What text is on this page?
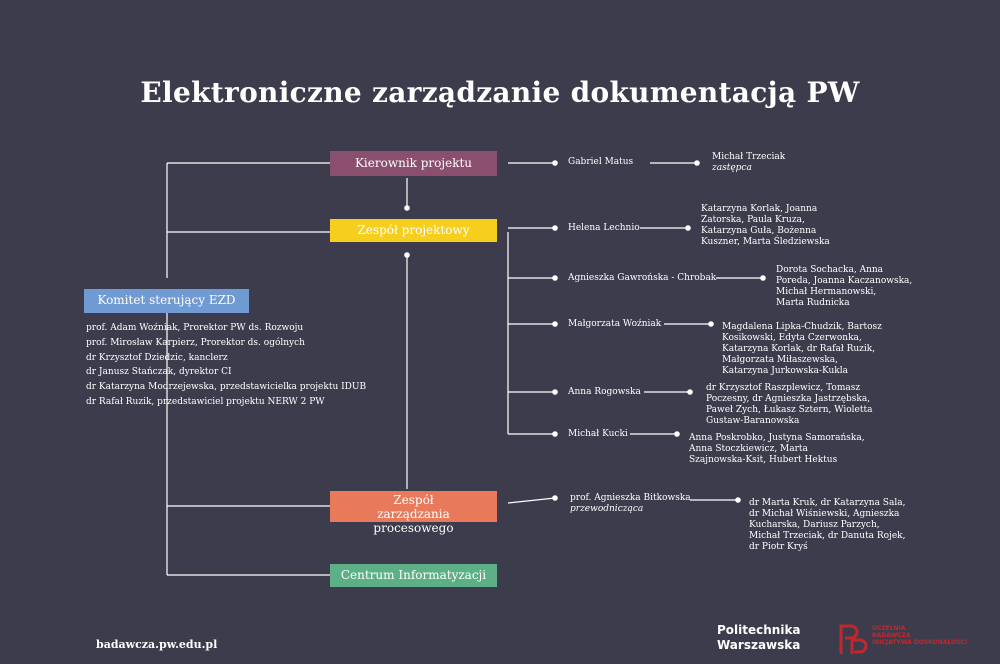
Elektroniczne zarządzanie dokumentacją PW
Kierownik projektu
Zespół projektowy
Komitet sterujący EZD
Zespół zarządzania procesowego
Centrum Informatyzacji
prof. Adam Woźniak, Prorektor PW ds. Rozwoju
prof. Mirosław Karpierz, Prorektor ds. ogólnych
dr Krzysztof Dziedzic, kanclerz
dr Janusz Stańczak, dyrektor CI
dr Katarzyna Modrzejewska, przedstawicielka projektu IDUB
dr Rafał Ruzik, przedstawiciel projektu NERW 2 PW
Gabriel Matus	Michał Trzeciak
zastępca
Helena Lechnio
Agnieszka Gawrońska - Chrobak
Małgorzata Woźniak
Anna Rogowska
Michał Kucki
Katarzyna Korlak, Joanna
Zatorska, Paula Kruza,
Katarzyna Guła, Bożenna
Kuszner, Marta Śledziewska
Dorota Sochacka, Anna
Poreda, Joanna Kaczanowska,
Michał Hermanowski,
Marta Rudnicka
Magdalena Lipka-Chudzik, Bartosz
Kosikowski, Edyta Czerwonka,
Katarzyna Korlak, dr Rafał Ruzik,
Małgorzata Miłaszewska,
Katarzyna Jurkowska-Kukla
dr Krzysztof Raszplewicz, Tomasz
Poczesny, dr Agnieszka Jastrzębska,
Paweł Zych, Łukasz Sztern, Wioletta
Gustaw-Baranowska
Anna Poskrobko, Justyna Samorańska,
Anna Stoczkiewicz, Marta
Szajnowska-Ksit, Hubert Hektus
prof. Agnieszka Bitkowska
przewodnicząca
dr Marta Kruk, dr Katarzyna Sala,
dr Michał Wiśniewski, Agnieszka
Kucharska, Dariusz Parzych,
Michał Trzeciak, dr Danuta Rojek,
dr Piotr Kryś
badawcza.pw.edu.pl
Politechnika
Warszawska
UCZELNIA
BADAWCZA
INICJATYWA DOSKONAŁOŚCI
